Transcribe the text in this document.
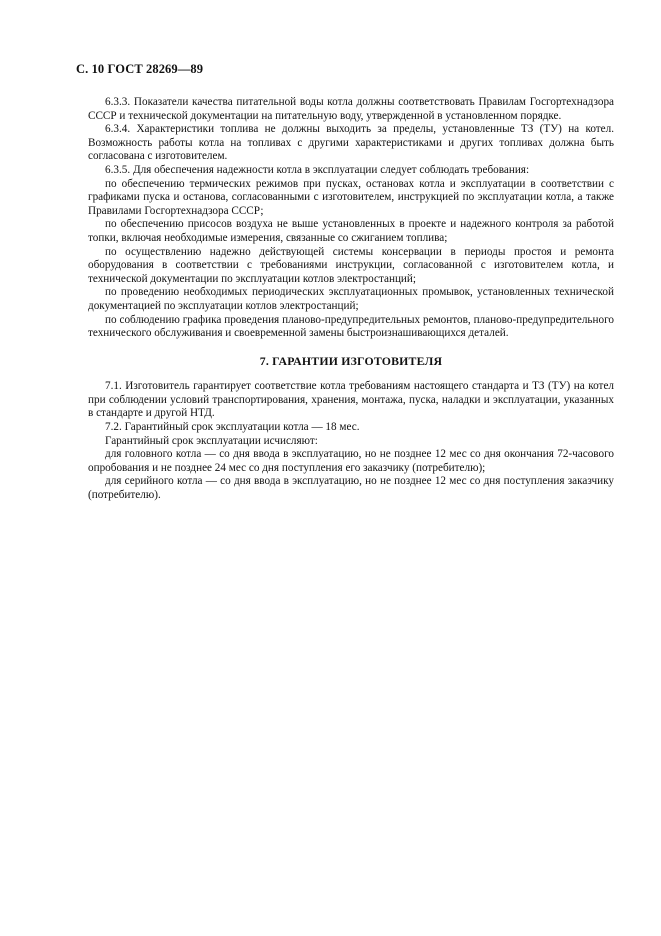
С. 10 ГОСТ 28269—89

6.3.3. Показатели качества питательной воды котла должны соответствовать Правилам Госгортехнадзора СССР и технической документации на питательную воду, утвержденной в установленном порядке.

6.3.4. Характеристики топлива не должны выходить за пределы, установленные ТЗ (ТУ) на котел. Возможность работы котла на топливах с другими характеристиками и других топливах должна быть согласована с изготовителем.

6.3.5. Для обеспечения надежности котла в эксплуатации следует соблюдать требования:

по обеспечению термических режимов при пусках, остановах котла и эксплуатации в соответствии с графиками пуска и останова, согласованными с изготовителем, инструкцией по эксплуатации котла, а также Правилами Госгортехнадзора СССР;

по обеспечению присосов воздуха не выше установленных в проекте и надежного контроля за работой топки, включая необходимые измерения, связанные со сжиганием топлива;

по осуществлению надежно действующей системы консервации в периоды простоя и ремонта оборудования в соответствии с требованиями инструкции, согласованной с изготовителем котла, и технической документации по эксплуатации котлов электростанций;

по проведению необходимых периодических эксплуатационных промывок, установленных технической документацией по эксплуатации котлов электростанций;

по соблюдению графика проведения планово-предупредительных ремонтов, планово-предупредительного технического обслуживания и своевременной замены быстроизнашивающихся деталей.

7. ГАРАНТИИ ИЗГОТОВИТЕЛЯ

7.1. Изготовитель гарантирует соответствие котла требованиям настоящего стандарта и ТЗ (ТУ) на котел при соблюдении условий транспортирования, хранения, монтажа, пуска, наладки и эксплуатации, указанных в стандарте и другой НТД.

7.2. Гарантийный срок эксплуатации котла — 18 мес.

Гарантийный срок эксплуатации исчисляют:

для головного котла — со дня ввода в эксплуатацию, но не позднее 12 мес со дня окончания 72-часового опробования и не позднее 24 мес со дня поступления его заказчику (потребителю);

для серийного котла — со дня ввода в эксплуатацию, но не позднее 12 мес со дня поступления заказчику (потребителю).
